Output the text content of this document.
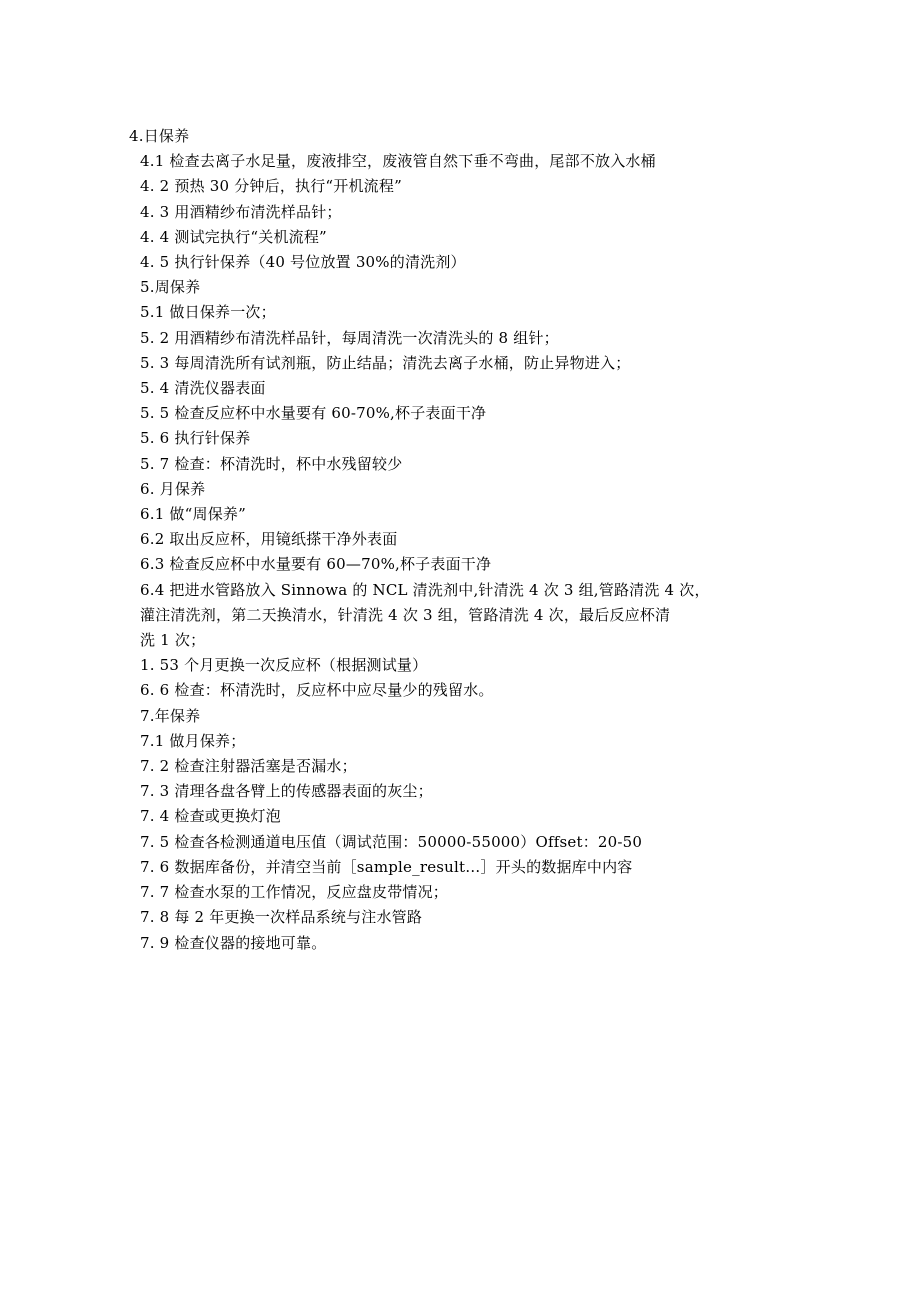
4.日保养
4.1 检查去离子水足量，废液排空，废液管自然下垂不弯曲，尾部不放入水桶
4. 2 预热 30 分钟后，执行“开机流程”
4. 3 用酒精纱布清洗样品针；
4. 4 测试完执行“关机流程”
4. 5 执行针保养（40 号位放置 30%的清洗剂）
5.周保养
5.1 做日保养一次；
5. 2 用酒精纱布清洗样品针，每周清洗一次清洗头的 8 组针；
5. 3 每周清洗所有试剂瓶，防止结晶；清洗去离子水桶，防止异物进入；
5. 4 清洗仪器表面
5. 5 检查反应杯中水量要有 60-70%,杯子表面干净
5. 6 执行针保养
5. 7 检查：杯清洗时，杯中水残留较少
6. 月保养
6.1 做“周保养”
6.2 取出反应杯，用镜纸搽干净外表面
6.3 检查反应杯中水量要有 60—70%,杯子表面干净
6.4 把进水管路放入 Sinnowa 的 NCL 清洗剂中,针清洗 4 次 3 组,管路清洗 4 次，
灌注清洗剂，第二天换清水，针清洗 4 次 3 组，管路清洗 4 次，最后反应杯清
洗 1 次；
1. 53 个月更换一次反应杯（根据测试量）
6. 6 检查：杯清洗时，反应杯中应尽量少的残留水。
7.年保养
7.1 做月保养；
7. 2 检查注射器活塞是否漏水；
7. 3 清理各盘各臂上的传感器表面的灰尘；
7. 4 检查或更换灯泡
7. 5 检查各检测通道电压值（调试范围：50000-55000）Offset：20-50
7. 6 数据库备份，并清空当前［sample_result…］开头的数据库中内容
7. 7 检查水泵的工作情况，反应盘皮带情况；
7. 8 每 2 年更换一次样品系统与注水管路
7. 9 检查仪器的接地可靠。
